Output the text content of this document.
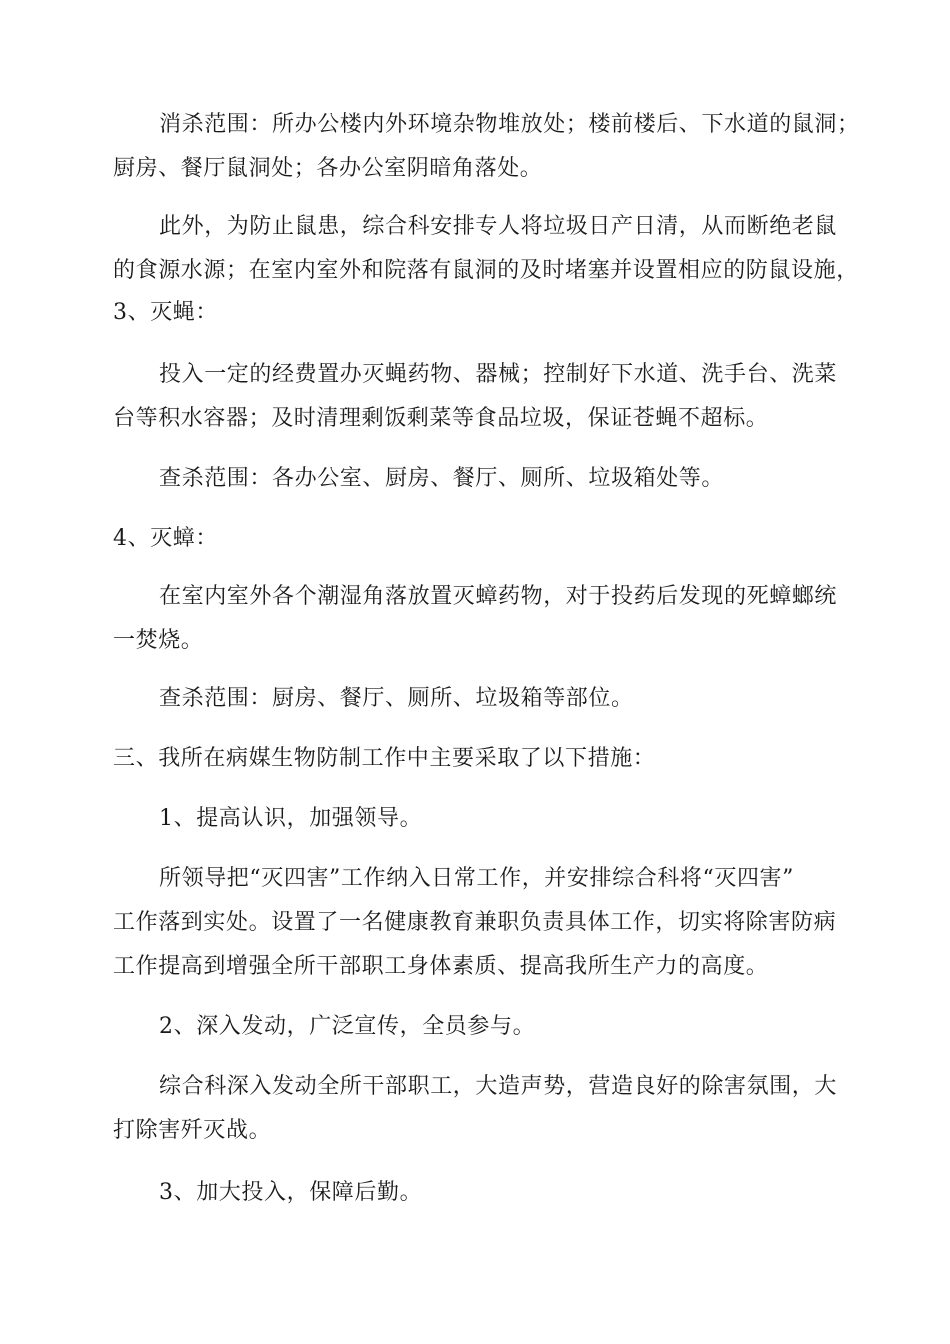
消杀范围：所办公楼内外环境杂物堆放处；楼前楼后、下水道的鼠洞；
厨房、餐厅鼠洞处；各办公室阴暗角落处。
此外，为防止鼠患，综合科安排专人将垃圾日产日清，从而断绝老鼠
的食源水源；在室内室外和院落有鼠洞的及时堵塞并设置相应的防鼠设施，
3、灭蝇：
投入一定的经费置办灭蝇药物、器械；控制好下水道、洗手台、洗菜
台等积水容器；及时清理剩饭剩菜等食品垃圾，保证苍蝇不超标。
查杀范围：各办公室、厨房、餐厅、厕所、垃圾箱处等。
4、灭蟑：
在室内室外各个潮湿角落放置灭蟑药物，对于投药后发现的死蟑螂统
一焚烧。
查杀范围：厨房、餐厅、厕所、垃圾箱等部位。
三、我所在病媒生物防制工作中主要采取了以下措施：
1、提高认识，加强领导。
所领导把“灭四害”工作纳入日常工作，并安排综合科将“灭四害”
工作落到实处。设置了一名健康教育兼职负责具体工作，切实将除害防病
工作提高到增强全所干部职工身体素质、提高我所生产力的高度。
2、深入发动，广泛宣传，全员参与。
综合科深入发动全所干部职工，大造声势，营造良好的除害氛围，大
打除害歼灭战。
3、加大投入，保障后勤。
